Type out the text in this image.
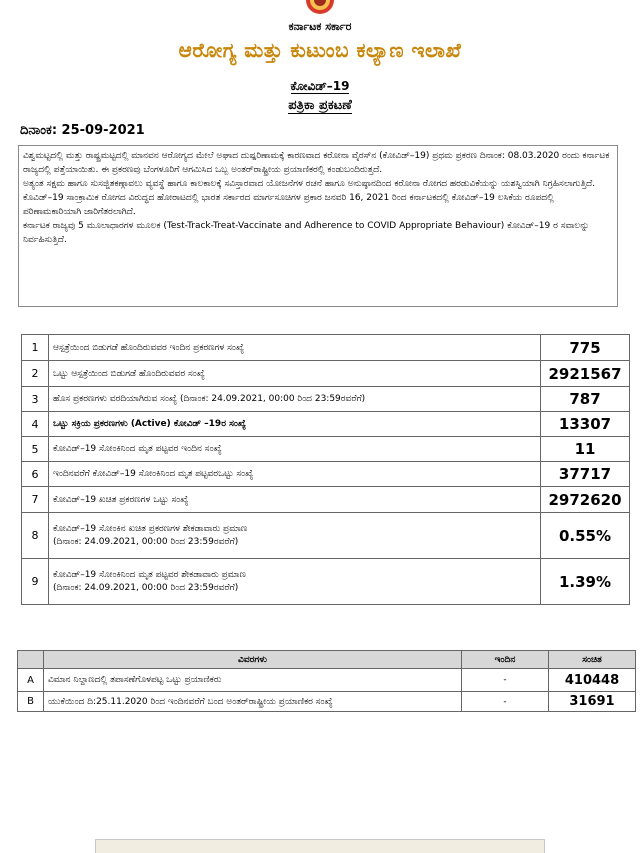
ಕರ್ನಾಟಕ ಸರ್ಕಾರ
ಆರೋಗ್ಯ ಮತ್ತು ಕುಟುಂಬ ಕಲ್ಯಾಣ ಇಲಾಖೆ
ಕೋವಿಡ್–19
ಪತ್ರಿಕಾ ಪ್ರಕಟಣೆ
ದಿನಾಂಕ: 25-09-2021

ವಿಶ್ವಮಟ್ಟದಲ್ಲಿ ಮತ್ತು ರಾಷ್ಟ್ರಮಟ್ಟದಲ್ಲಿ ಮಾನವನ ಆರೋಗ್ಯದ ಮೇಲೆ ಅಘಾದ ದುಷ್ಪರಿಣಾಮಕ್ಕೆ ಕಾರಣವಾದ ಕರೋನಾ ವೈರಸ್‌ನ (ಕೋವಿಡ್–19) ಪ್ರಥಮ ಪ್ರಕರಣ ದಿನಾಂಕ: 08.03.2020 ರಂದು ಕರ್ನಾಟಕ ರಾಜ್ಯದಲ್ಲಿ ಪತ್ತೆಯಾಯಿತು. ಈ ಪ್ರಕರಣವು ಬೆಂಗಳೂರಿಗೆ ಆಗಮಿಸಿದ ಒಬ್ಬ ಅಂತರ್‌ರಾಷ್ಟ್ರೀಯ ಪ್ರಯಾಣಿಕರಲ್ಲಿ ಕಂಡುಬಂದಿರುತ್ತದೆ.

ಅತ್ಯಂತ ಸಕ್ಷಮ ಹಾಗೂ ಸುಸಜ್ಜಿತಕಣ್ಗಾವಲು ವ್ಯವಸ್ಥೆ ಹಾಗೂ ಕಾಲಕಾಲಕ್ಕೆ ಸವಿಸ್ತಾರವಾದ ಯೋಜನೆಗಳ ರಚನೆ ಹಾಗೂ ಅನುಷ್ಠಾನದಿಂದ ಕರೋನಾ ರೋಗದ ಹರಡುವಿಕೆಯನ್ನು ಯಶಸ್ವಿಯಾಗಿ ನಿಗ್ರಹಿಸಲಾಗುತ್ತಿದೆ.

ಕೊವಿಡ್–19 ಸಾಂಕ್ರಾಮಿಕ ರೋಗದ ವಿರುದ್ಧದ ಹೋರಾಟದಲ್ಲಿ ಭಾರತ ಸರ್ಕಾರದ ಮಾರ್ಗಸೂಚಿಗಳ ಪ್ರಕಾರ ಜನವರಿ 16, 2021 ರಿಂದ ಕರ್ನಾಟಕದಲ್ಲಿ ಕೋವಿಡ್–19 ಲಸಿಕೆಯ ರೂಪದಲ್ಲಿ ಪರಿಣಾಮಕಾರಿಯಾಗಿ ಜಾರಿಗೆತರಲಾಗಿದೆ.

ಕರ್ನಾಟಕ ರಾಜ್ಯವು 5 ಮೂಲಾಧಾರಗಳ ಮೂಲಕ (Test-Track-Treat-Vaccinate and Adherence to COVID Appropriate Behaviour) ಕೋವಿಡ್–19 ರ ಸವಾಲನ್ನು ನಿರ್ವಹಿಸುತ್ತಿದೆ.

1	ಆಸ್ಪತ್ರೆಯಿಂದ ಬಿಡುಗಡೆ ಹೊಂದಿರುವವರ ಇಂದಿನ ಪ್ರಕರಣಗಳ ಸಂಖ್ಯೆ	775
2	ಒಟ್ಟು ಆಸ್ಪತ್ರೆಯಿಂದ ಬಿಡುಗಡೆ ಹೊಂದಿರುವವರ ಸಂಖ್ಯೆ	2921567
3	ಹೊಸ ಪ್ರಕರಣಗಳು ವರದಿಯಾಗಿರುವ ಸಂಖ್ಯೆ (ದಿನಾಂಕ: 24.09.2021, 00:00 ರಿಂದ 23:59ರವರೆಗೆ)	787
4	ಒಟ್ಟು ಸಕ್ರಿಯ ಪ್ರಕರಣಗಳು (Active) ಕೋವಿಡ್ –19ರ ಸಂಖ್ಯೆ	13307
5	ಕೋವಿಡ್–19 ಸೋಂಕಿನಿಂದ ಮೃತ ಪಟ್ಟವರ ಇಂದಿನ ಸಂಖ್ಯೆ	11
6	ಇಂದಿನವರೆಗೆ ಕೋವಿಡ್–19 ಸೋಂಕಿನಿಂದ ಮೃತ ಪಟ್ಟವರಒಟ್ಟು ಸಂಖ್ಯೆ	37717
7	ಕೋವಿಡ್–19 ಖಚಿತ ಪ್ರಕರಣಗಳ ಒಟ್ಟು ಸಂಖ್ಯೆ	2972620
8	ಕೋವಿಡ್–19 ಸೋಂಕಿನ ಖಚಿತ ಪ್ರಕರಣಗಳ ಶೇಕಡಾವಾರು ಪ್ರಮಾಣ
(ದಿನಾಂಕ: 24.09.2021, 00:00 ರಿಂದ 23:59ರವರೆಗೆ)	0.55%
9	ಕೋವಿಡ್–19 ಸೋಂಕಿನಿಂದ ಮೃತ ಪಟ್ಟವರ ಶೇಕಡಾವಾರು ಪ್ರಮಾಣ
(ದಿನಾಂಕ: 24.09.2021, 00:00 ರಿಂದ 23:59ರವರೆಗೆ)	1.39%
	ವಿವರಗಳು	ಇಂದಿನ	ಸಂಚಿತ
A	ವಿಮಾನ ನಿಲ್ದಾಣದಲ್ಲಿ ತಪಾಸಣೆಗೊಳಪಟ್ಟ ಒಟ್ಟು ಪ್ರಯಾಣಿಕರು	-	410448
B	ಯುಕೆಯಿಂದ ದಿ:25.11.2020 ರಿಂದ ಇಂದಿನವರೆಗೆ ಬಂದ ಅಂತರ್‌ರಾಷ್ಟ್ರೀಯ ಪ್ರಯಾಣಿಕರ ಸಂಖ್ಯೆ	-	31691
